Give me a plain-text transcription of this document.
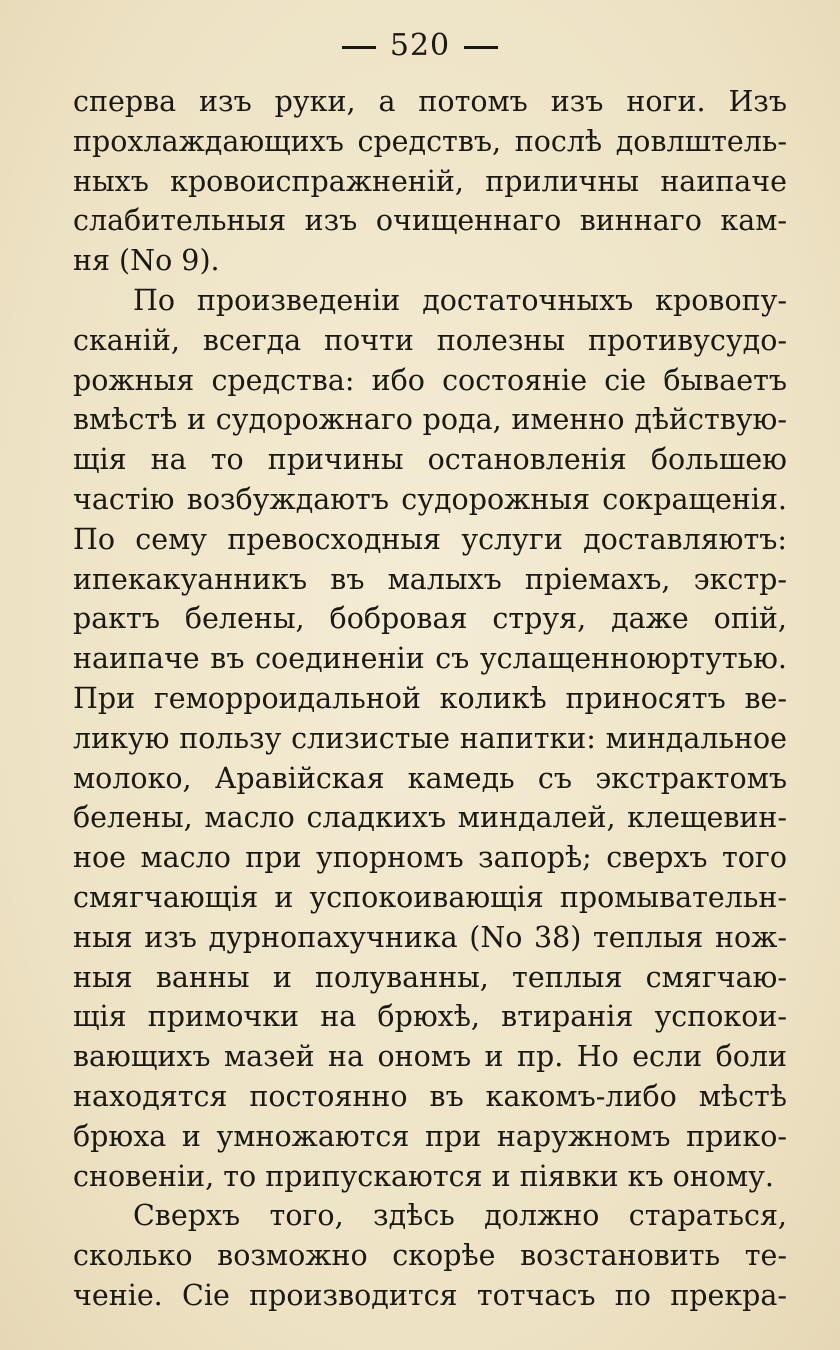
520
сперва изъ руки, а потомъ изъ ноги. Изъ
прохлаждающихъ средствъ, послѣ довлштель-
ныхъ кровоиспражненій, приличны наипаче
слабительныя изъ очищеннаго виннаго кам-
ня (No 9).
По произведеніи достаточныхъ кровопу-
сканій, всегда почти полезны противусудо-
рожныя средства: ибо состояніе сіе бываетъ
вмѣстѣ и судорожнаго рода, именно дѣйствую-
щія на то причины остановленія большею
частію возбуждаютъ судорожныя сокращенія.
По сему превосходныя услуги доставляютъ:
ипекакуанникъ въ малыхъ пріемахъ, экстр-
рактъ белены, бобровая струя, даже опій,
наипаче въ соединеніи съ услащенноюртутью.
При геморроидальной коликѣ приносятъ ве-
ликую пользу слизистые напитки: миндальное
молоко, Аравійская камедь съ экстрактомъ
белены, масло сладкихъ миндалей, клещевин-
ное масло при упорномъ запорѣ; сверхъ того
смягчающія и успокоивающія промывательн-
ныя изъ дурнопахучника (No 38) теплыя нож-
ныя ванны и полуванны, теплыя смягчаю-
щія примочки на брюхѣ, втиранія успокои-
вающихъ мазей на ономъ и пр. Но если боли
находятся постоянно въ какомъ-либо мѣстѣ
брюха и умножаются при наружномъ прико-
сновеніи, то припускаются и піявки къ оному.
Сверхъ того, здѣсь должно стараться,
сколько возможно скорѣе возстановить те-
ченіе. Сіе производится тотчасъ по прекра-
